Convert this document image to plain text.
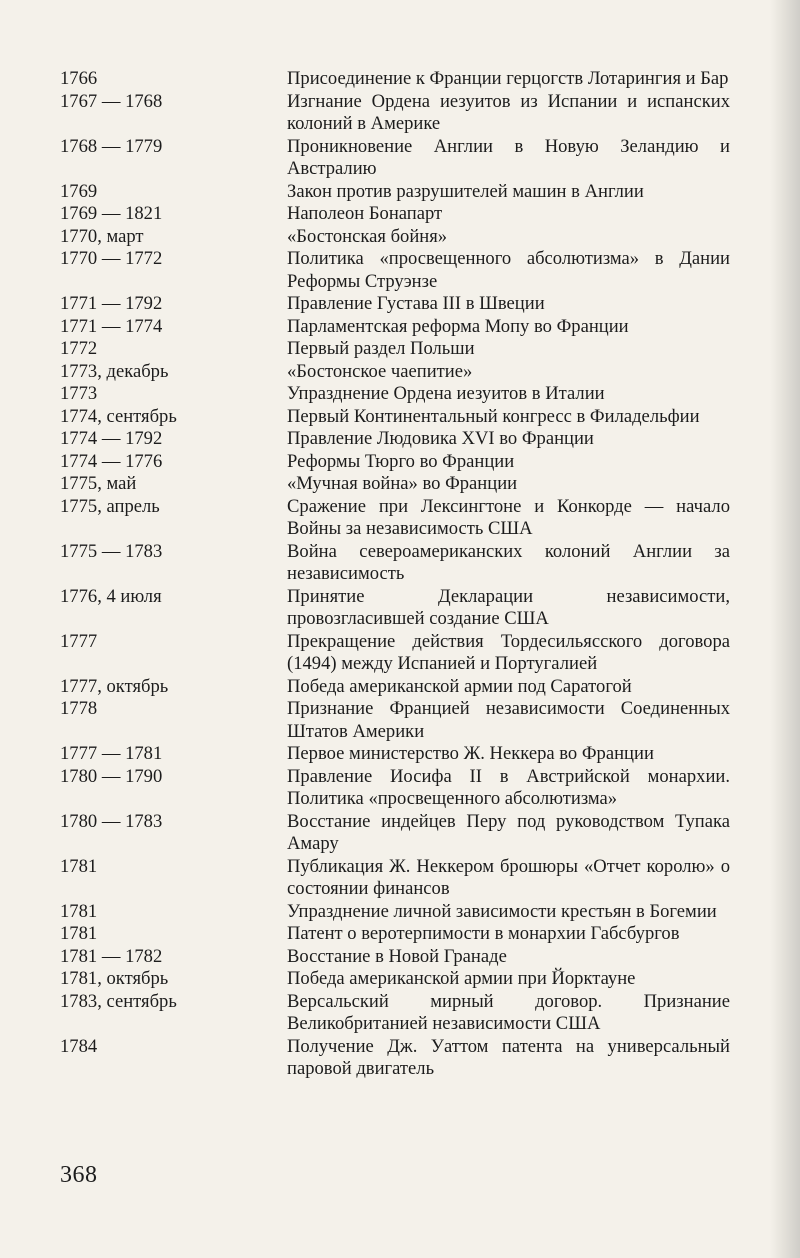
1766	Присоединение к Франции герцогств Лотарингия и Бар
1767 — 1768	Изгнание Ордена иезуитов из Испании и испанских колоний в Америке
1768 — 1779	Проникновение Англии в Новую Зеландию и Австралию
1769	Закон против разрушителей машин в Англии
1769 — 1821	Наполеон Бонапарт
1770, март	«Бостонская бойня»
1770 — 1772	Политика «просвещенного абсолютизма» в Дании Реформы Струэнзе
1771 — 1792	Правление Густава III в Швеции
1771 — 1774	Парламентская реформа Мопу во Франции
1772	Первый раздел Польши
1773, декабрь	«Бостонское чаепитие»
1773	Упразднение Ордена иезуитов в Италии
1774, сентябрь	Первый Континентальный конгресс в Филадельфии
1774 — 1792	Правление Людовика XVI во Франции
1774 — 1776	Реформы Тюрго во Франции
1775, май	«Мучная война» во Франции
1775, апрель	Сражение при Лексингтоне и Конкорде — начало Войны за независимость США
1775 — 1783	Война североамериканских колоний Англии за независимость
1776, 4 июля	Принятие Декларации независимости, провозгласившей создание США
1777	Прекращение действия Тордесильясского договора (1494) между Испанией и Португалией
1777, октябрь	Победа американской армии под Саратогой
1778	Признание Францией независимости Соединенных Штатов Америки
1777 — 1781	Первое министерство Ж. Неккера во Франции
1780 — 1790	Правление Иосифа II в Австрийской монархии. Политика «просвещенного абсолютизма»
1780 — 1783	Восстание индейцев Перу под руководством Тупака Амару
1781	Публикация Ж. Неккером брошюры «Отчет королю» о состоянии финансов
1781	Упразднение личной зависимости крестьян в Богемии
1781	Патент о веротерпимости в монархии Габсбургов
1781 — 1782	Восстание в Новой Гранаде
1781, октябрь	Победа американской армии при Йорктауне
1783, сентябрь	Версальский мирный договор. Признание Великобританией независимости США
1784	Получение Дж. Уаттом патента на универсальный паровой двигатель
368
